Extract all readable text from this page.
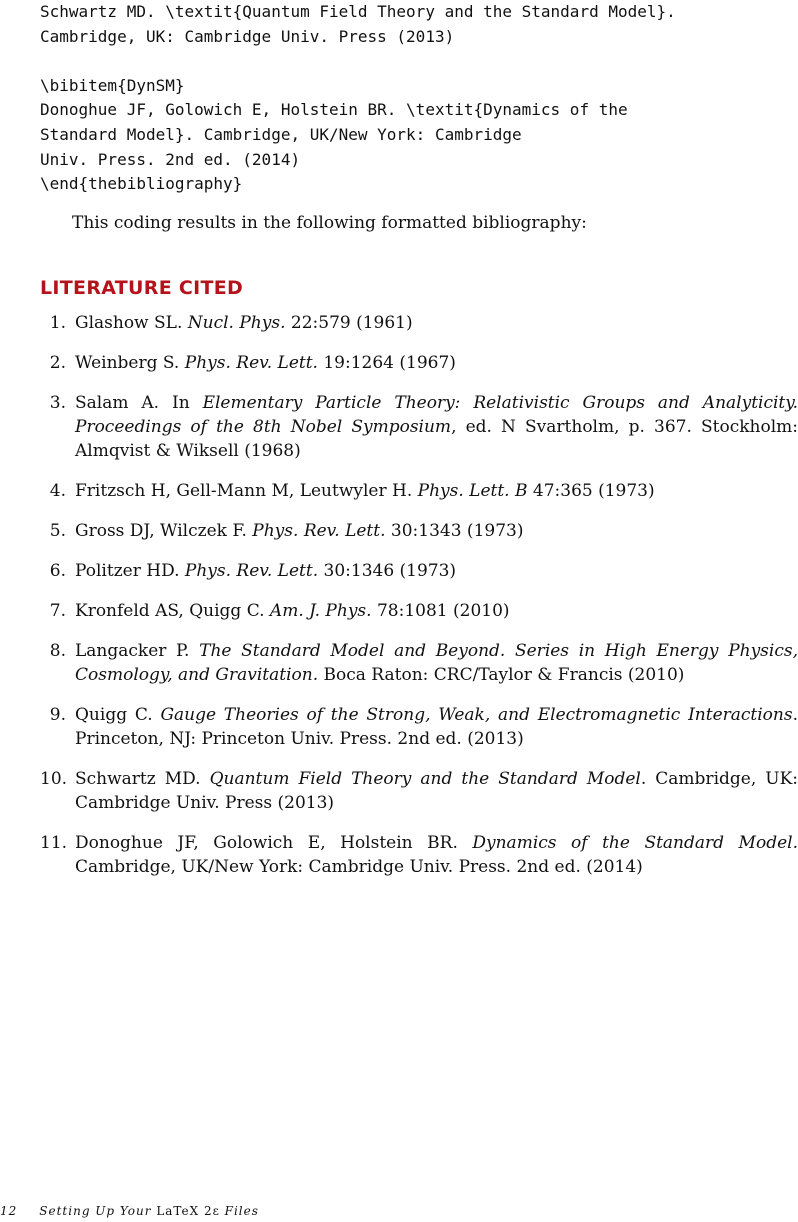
Schwartz MD. \textit{Quantum Field Theory and the Standard Model}.
Cambridge, UK: Cambridge Univ. Press (2013)
\bibitem{DynSM}
Donoghue JF, Golowich E, Holstein BR. \textit{Dynamics of the
Standard Model}. Cambridge, UK/New York: Cambridge
Univ. Press. 2nd ed. (2014)
\end{thebibliography}

This coding results in the following formatted bibliography:

LITERATURE CITED
1. Glashow SL. Nucl. Phys. 22:579 (1961)
2. Weinberg S. Phys. Rev. Lett. 19:1264 (1967)
3. Salam A. In Elementary Particle Theory: Relativistic Groups and Analyticity. Proceedings of the 8th Nobel Symposium, ed. N Svartholm, p. 367. Stockholm: Almqvist & Wiksell (1968)
4. Fritzsch H, Gell-Mann M, Leutwyler H. Phys. Lett. B 47:365 (1973)
5. Gross DJ, Wilczek F. Phys. Rev. Lett. 30:1343 (1973)
6. Politzer HD. Phys. Rev. Lett. 30:1346 (1973)
7. Kronfeld AS, Quigg C. Am. J. Phys. 78:1081 (2010)
8. Langacker P. The Standard Model and Beyond. Series in High Energy Physics, Cosmology, and Gravitation. Boca Raton: CRC/Taylor & Francis (2010)
9. Quigg C. Gauge Theories of the Strong, Weak, and Electromagnetic Interactions. Princeton, NJ: Princeton Univ. Press. 2nd ed. (2013)
10. Schwartz MD. Quantum Field Theory and the Standard Model. Cambridge, UK: Cambridge Univ. Press (2013)
11. Donoghue JF, Golowich E, Holstein BR. Dynamics of the Standard Model. Cambridge, UK/New York: Cambridge Univ. Press. 2nd ed. (2014)

12 Setting Up Your LaTeX 2ε Files
